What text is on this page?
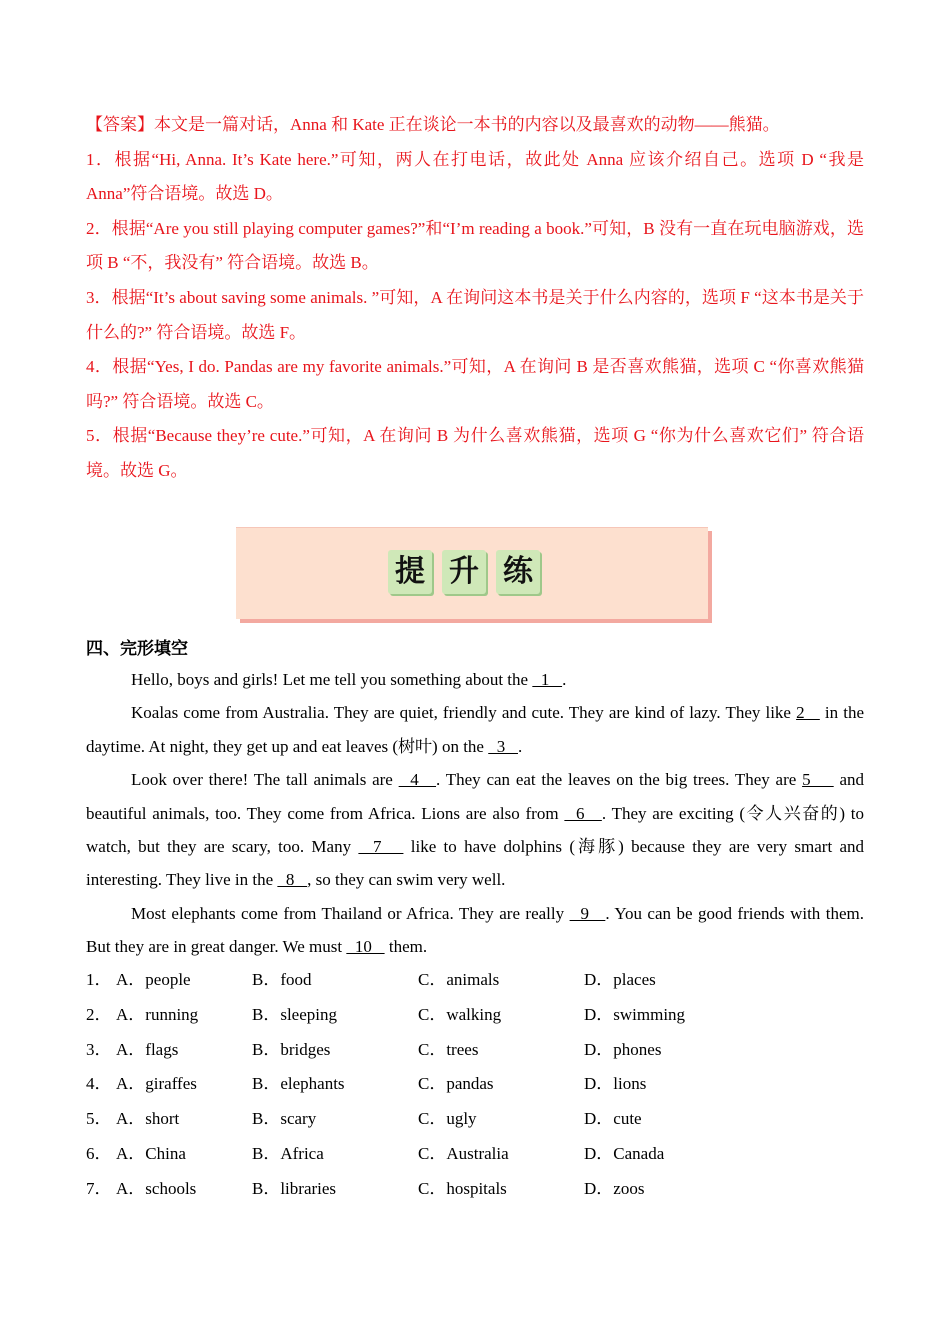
【答案】本文是一篇对话，Anna 和 Kate 正在谈论一本书的内容以及最喜欢的动物——熊猫。

1．根据“Hi, Anna. It’s Kate here.”可知，两人在打电话，故此处 Anna 应该介绍自己。选项 D “我是 Anna”符合语境。故选 D。

2．根据“Are you still playing computer games?”和“I’m reading a book.”可知，B 没有一直在玩电脑游戏，选项 B “不，我没有” 符合语境。故选 B。

3．根据“It’s about saving some animals. ”可知，A 在询问这本书是关于什么内容的，选项 F “这本书是关于什么的?” 符合语境。故选 F。

4．根据“Yes, I do. Pandas are my favorite animals.”可知，A 在询问 B 是否喜欢熊猫，选项 C “你喜欢熊猫吗?” 符合语境。故选 C。

5．根据“Because they’re cute.”可知，A 在询问 B 为什么喜欢熊猫，选项 G “你为什么喜欢它们” 符合语境。故选 G。

提 升 练
四、完形填空

Hello, boys and girls! Let me tell you something about the   1   .

Koalas come from Australia. They are quiet, friendly and cute. They are kind of lazy. They like 2    in the daytime. At night, they get up and eat leaves (树叶) on the   3   .

Look over there! The tall animals are   4   . They can eat the leaves on the big trees. They are 5     and beautiful animals, too. They come from Africa. Lions are also from   6   . They are exciting (令人兴奋的) to watch, but they are scary, too. Many   7    like to have dolphins (海豚) because they are very smart and interesting. They live in the   8   , so they can swim very well.

Most elephants come from Thailand or Africa. They are really   9   . You can be good friends with them. But they are in great danger. We must   10    them.

1． A．people	B．food	C．animals	D．places
2． A．running	B．sleeping	C．walking	D．swimming
3． A．flags	B．bridges	C．trees	D．phones
4． A．giraffes	B．elephants	C．pandas	D．lions
5． A．short	B．scary	C．ugly	D．cute
6． A．China	B．Africa	C．Australia	D．Canada
7． A．schools	B．libraries	C．hospitals	D．zoos
